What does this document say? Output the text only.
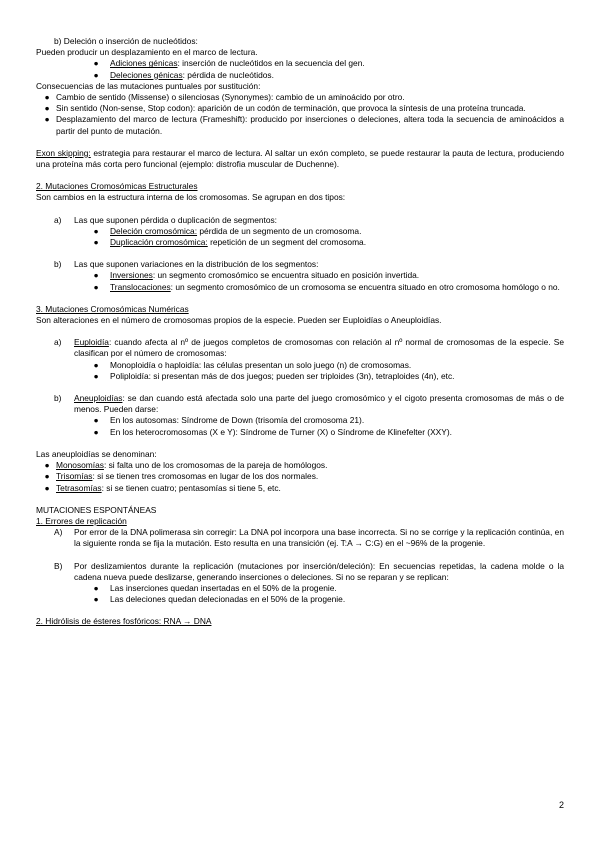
b) Deleción o inserción de nucleótidos:
Pueden producir un desplazamiento en el marco de lectura.
● Adiciones génicas: inserción de nucleótidos en la secuencia del gen.
● Deleciones génicas: pérdida de nucleótidos.
Consecuencias de las mutaciones puntuales por sustitución:
● Cambio de sentido (Missense) o silenciosas (Synonymes): cambio de un aminoácido por otro.
● Sin sentido (Non-sense, Stop codon): aparición de un codón de terminación, que provoca la síntesis de una proteína truncada.
● Desplazamiento del marco de lectura (Frameshift): producido por inserciones o deleciones, altera toda la secuencia de aminoácidos a partir del punto de mutación.
Exon skipping: estrategia para restaurar el marco de lectura. Al saltar un exón completo, se puede restaurar la pauta de lectura, produciendo una proteína más corta pero funcional (ejemplo: distrofia muscular de Duchenne).
2. Mutaciones Cromosómicas Estructurales
Son cambios en la estructura interna de los cromosomas. Se agrupan en dos tipos:
a) Las que suponen pérdida o duplicación de segmentos:
● Deleción cromosómica: pérdida de un segmento de un cromosoma.
● Duplicación cromosómica: repetición de un segment del cromosoma.
b) Las que suponen variaciones en la distribución de los segmentos:
● Inversiones: un segmento cromosómico se encuentra situado en posición invertida.
● Translocaciones: un segmento cromosómico de un cromosoma se encuentra situado en otro cromosoma homólogo o no.
3. Mutaciones Cromosómicas Numéricas
Son alteraciones en el número de cromosomas propios de la especie. Pueden ser Euploidías o Aneuploidías.
a) Euploidía: cuando afecta al nº de juegos completos de cromosomas con relación al nº normal de cromosomas de la especie. Se clasifican por el número de cromosomas:
● Monoploidía o haploidía: las células presentan un solo juego (n) de cromosomas.
● Poliploidía: si presentan más de dos juegos; pueden ser triploides (3n), tetraploides (4n), etc.
b) Aneuploidías: se dan cuando está afectada solo una parte del juego cromosómico y el cigoto presenta cromosomas de más o de menos. Pueden darse:
● En los autosomas: Síndrome de Down (trisomía del cromosoma 21).
● En los heterocromosomas (X e Y): Síndrome de Turner (X) o Síndrome de Klinefelter (XXY).
Las aneuploidías se denominan:
● Monosomías: si falta uno de los cromosomas de la pareja de homólogos.
● Trisomías: si se tienen tres cromosomas en lugar de los dos normales.
● Tetrasomías: si se tienen cuatro; pentasomías si tiene 5, etc.
MUTACIONES ESPONTÁNEAS
1. Errores de replicación
A) Por error de la DNA polimerasa sin corregir: La DNA pol incorpora una base incorrecta. Si no se corrige y la replicación continúa, en la siguiente ronda se fija la mutación. Esto resulta en una transición (ej. T:A → C:G) en el ~96% de la progenie.
B) Por deslizamientos durante la replicación (mutaciones por inserción/deleción): En secuencias repetidas, la cadena molde o la cadena nueva puede deslizarse, generando inserciones o deleciones. Si no se reparan y se replican:
● Las inserciones quedan insertadas en el 50% de la progenie.
● Las deleciones quedan delecionadas en el 50% de la progenie.
2. Hidrólisis de ésteres fosfóricos: RNA → DNA
2
